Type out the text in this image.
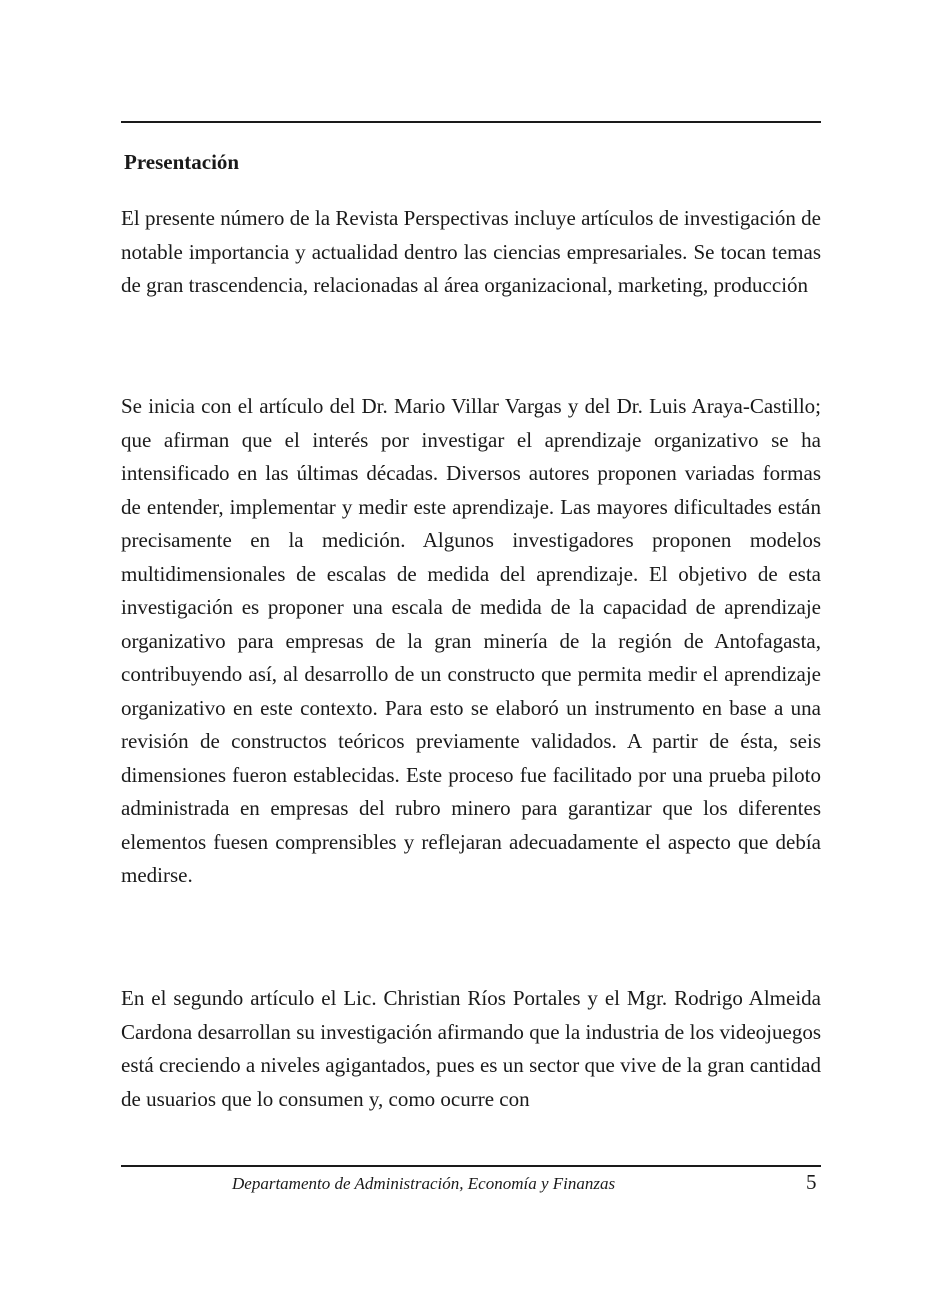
Presentación

El presente número de la Revista Perspectivas incluye artículos de investigación de notable importancia y actualidad dentro las ciencias empresariales. Se tocan temas de gran trascendencia, relacionadas al área organizacional, marketing, producción

Se inicia con el artículo del Dr. Mario Villar Vargas y del Dr. Luis Araya-Castillo; que afirman que el interés por investigar el aprendizaje organizativo se ha intensificado en las últimas décadas. Diversos autores proponen variadas formas de entender, implementar y medir este aprendizaje. Las mayores dificultades están precisamente en la medición. Algunos investigadores proponen modelos multidimensionales de escalas de medida del aprendizaje. El objetivo de esta investigación es proponer una escala de medida de la capacidad de aprendizaje organizativo para empresas de la gran minería de la región de Antofagasta, contribuyendo así, al desarrollo de un constructo que permita medir el aprendizaje organizativo en este contexto. Para esto se elaboró un instrumento en base a una revisión de constructos teóricos previamente validados. A partir de ésta, seis dimensiones fueron establecidas. Este proceso fue facilitado por una prueba piloto administrada en empresas del rubro minero para garantizar que los diferentes elementos fuesen comprensibles y reflejaran adecuadamente el aspecto que debía medirse.

En el segundo artículo el Lic. Christian Ríos Portales y el Mgr. Rodrigo Almeida Cardona desarrollan su investigación afirmando que la industria de los videojuegos está creciendo a niveles agigantados, pues es un sector que vive de la gran cantidad de usuarios que lo consumen y, como ocurre con

Departamento de Administración, Economía y Finanzas	5
